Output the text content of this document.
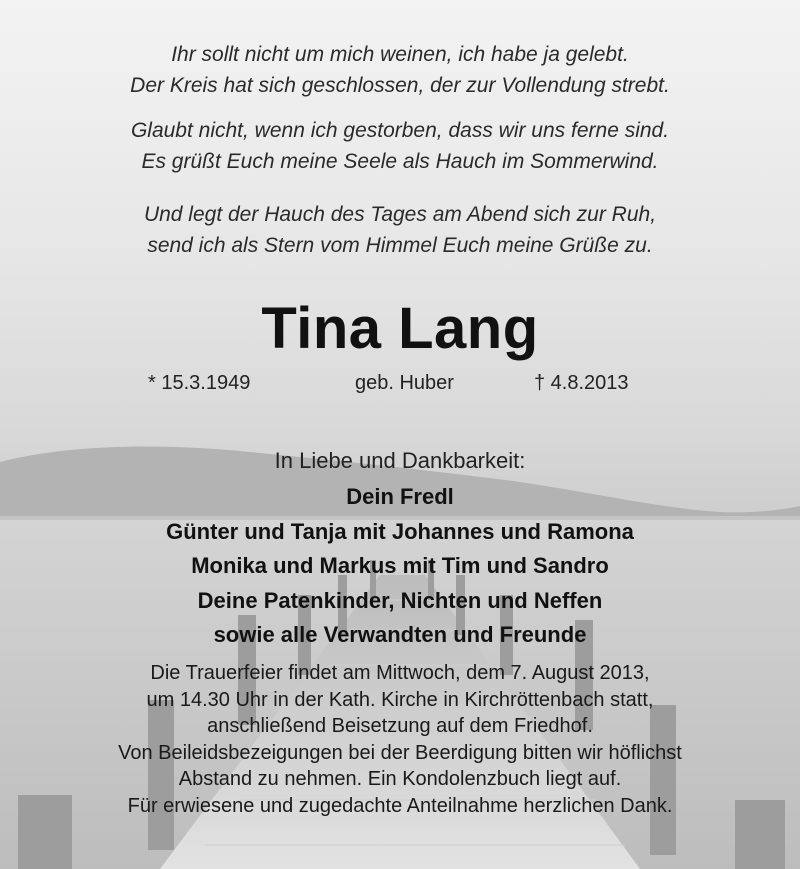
Ihr sollt nicht um mich weinen, ich habe ja gelebt.

Der Kreis hat sich geschlossen, der zur Vollendung strebt.

Glaubt nicht, wenn ich gestorben, dass wir uns ferne sind.

Es grüßt Euch meine Seele als Hauch im Sommerwind.

Und legt der Hauch des Tages am Abend sich zur Ruh,

send ich als Stern vom Himmel Euch meine Grüße zu.

Tina Lang
* 15.3.1949	geb. Huber	† 4.8.2013
In Liebe und Dankbarkeit:
Dein Fredl
Günter und Tanja mit Johannes und Ramona
Monika und Markus mit Tim und Sandro
Deine Patenkinder, Nichten und Neffen
sowie alle Verwandten und Freunde
Die Trauerfeier findet am Mittwoch, dem 7. August 2013,
um 14.30 Uhr in der Kath. Kirche in Kirchröttenbach statt,
anschließend Beisetzung auf dem Friedhof.
Von Beileidsbezeigungen bei der Beerdigung bitten wir höflichst
Abstand zu nehmen. Ein Kondolenzbuch liegt auf.
Für erwiesene und zugedachte Anteilnahme herzlichen Dank.
